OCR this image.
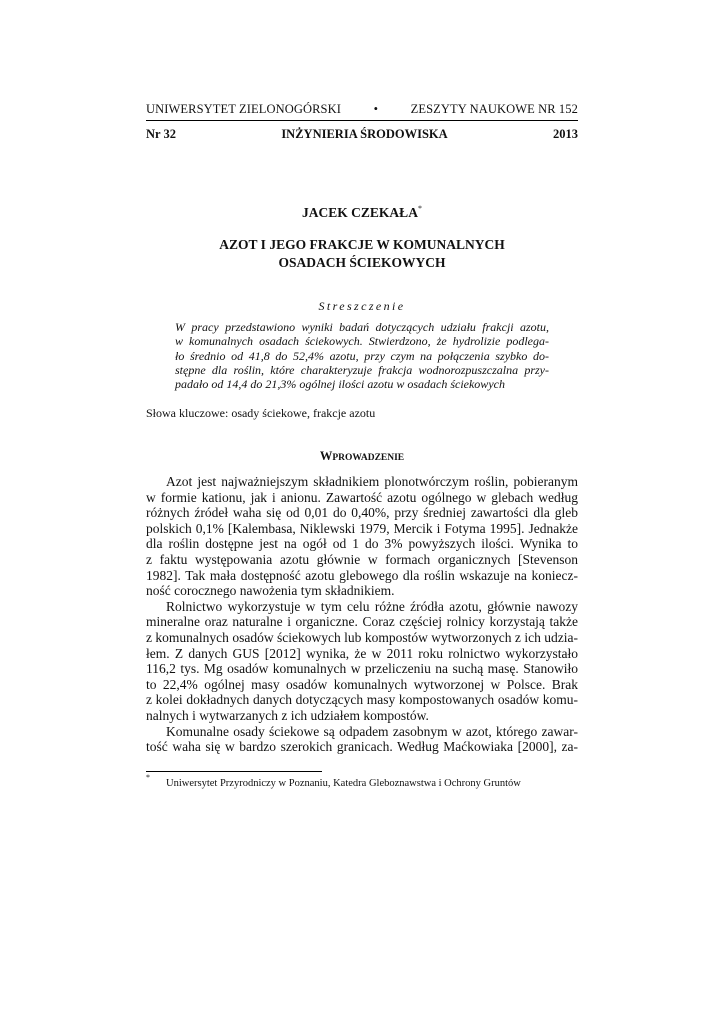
UNIWERSYTET ZIELONOGÓRSKI	•	ZESZYTY NAUKOWE NR 152
Nr 32	INŻYNIERIA ŚRODOWISKA	2013
JACEK CZEKAŁA*
AZOT I JEGO FRAKCJE W KOMUNALNYCH
OSADACH ŚCIEKOWYCH
Streszczenie
W pracy przedstawiono wyniki badań dotyczących udziału frakcji azotu,
w komunalnych osadach ściekowych. Stwierdzono, że hydrolizie podlega-
ło średnio od 41,8 do 52,4% azotu, przy czym na połączenia szybko do-
stępne dla roślin, które charakteryzuje frakcja wodnorozpuszczalna przy-
padało od 14,4 do 21,3% ogólnej ilości azotu w osadach ściekowych
Słowa kluczowe: osady ściekowe, frakcje azotu
WPROWADZENIE
Azot jest najważniejszym składnikiem plonotwórczym roślin, pobieranym
w formie kationu, jak i anionu. Zawartość azotu ogólnego w glebach według
różnych źródeł waha się od 0,01 do 0,40%, przy średniej zawartości dla gleb
polskich 0,1% [Kalembasa, Niklewski 1979, Mercik i Fotyma 1995]. Jednakże
dla roślin dostępne jest na ogół od 1 do 3% powyższych ilości. Wynika to
z faktu występowania azotu głównie w formach organicznych [Stevenson
1982]. Tak mała dostępność azotu glebowego dla roślin wskazuje na koniecz-
ność corocznego nawożenia tym składnikiem.
Rolnictwo wykorzystuje w tym celu różne źródła azotu, głównie nawozy
mineralne oraz naturalne i organiczne. Coraz częściej rolnicy korzystają także
z komunalnych osadów ściekowych lub kompostów wytworzonych z ich udzia-
łem. Z danych GUS [2012] wynika, że w 2011 roku rolnictwo wykorzystało
116,2 tys. Mg osadów komunalnych w przeliczeniu na suchą masę. Stanowiło
to 22,4% ogólnej masy osadów komunalnych wytworzonej w Polsce. Brak
z kolei dokładnych danych dotyczących masy kompostowanych osadów komu-
nalnych i wytwarzanych z ich udziałem kompostów.
Komunalne osady ściekowe są odpadem zasobnym w azot, którego zawar-
tość waha się w bardzo szerokich granicach. Według Maćkowiaka [2000], za-
*
Uniwersytet Przyrodniczy w Poznaniu, Katedra Gleboznawstwa i Ochrony Gruntów
